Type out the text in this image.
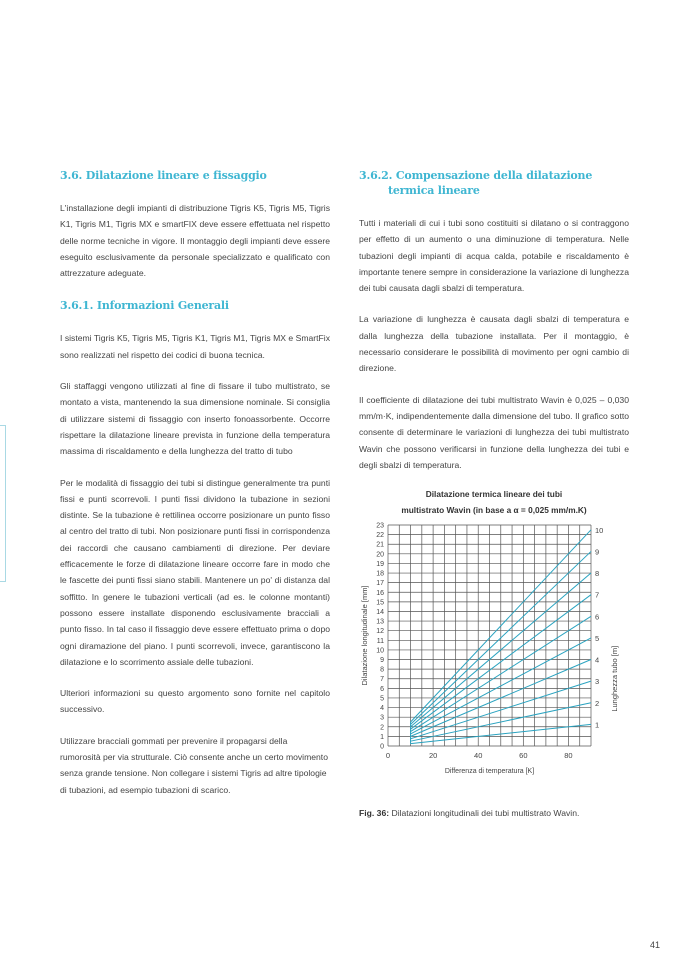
3.6. Dilatazione lineare e fissaggio

L'installazione degli impianti di distribuzione Tigris K5, Tigris M5, Tigris K1, Tigris M1, Tigris MX e smartFIX deve essere effettuata nel rispetto delle norme tecniche in vigore. Il montaggio degli impianti deve essere eseguito esclusivamente da personale specializzato e qualificato con attrezzature adeguate.

3.6.1. Informazioni Generali

I sistemi Tigris K5, Tigris M5, Tigris K1, Tigris M1, Tigris MX e SmartFix sono realizzati nel rispetto dei codici di buona tecnica.

Gli staffaggi vengono utilizzati al fine di fissare il tubo multistrato, se montato a vista, mantenendo la sua dimensione nominale. Si consiglia di utilizzare sistemi di fissaggio con inserto fonoassorbente. Occorre rispettare la dilatazione lineare prevista in funzione della temperatura massima di riscaldamento e della lunghezza del tratto di tubo

Per le modalità di fissaggio dei tubi si distingue generalmente tra punti fissi e punti scorrevoli. I punti fissi dividono la tubazione in sezioni distinte. Se la tubazione è rettilinea occorre posizionare un punto fisso al centro del tratto di tubi. Non posizionare punti fissi in corrispondenza dei raccordi che causano cambiamenti di direzione. Per deviare efficacemente le forze di dilatazione lineare occorre fare in modo che le fascette dei punti fissi siano stabili. Mantenere un po' di distanza dal soffitto. In genere le tubazioni verticali (ad es. le colonne montanti) possono essere installate disponendo esclusivamente bracciali a punto fisso. In tal caso il fissaggio deve essere effettuato prima o dopo ogni diramazione del piano. I punti scorrevoli, invece, garantiscono la dilatazione e lo scorrimento assiale delle tubazioni.

Ulteriori informazioni su questo argomento sono fornite nel capitolo successivo.

Utilizzare bracciali gommati per prevenire il propagarsi della rumorosità per via strutturale. Ciò consente anche un certo movimento senza grande tensione. Non collegare i sistemi Tigris ad altre tipologie di tubazioni, ad esempio tubazioni di scarico.

3.6.2. Compensazione della dilatazione termica lineare

Tutti i materiali di cui i tubi sono costituiti si dilatano o si contraggono per effetto di un aumento o una diminuzione di temperatura. Nelle tubazioni degli impianti di acqua calda, potabile e riscaldamento è importante tenere sempre in considerazione la variazione di lunghezza dei tubi causata dagli sbalzi di temperatura.

La variazione di lunghezza è causata dagli sbalzi di temperatura e dalla lunghezza della tubazione installata. Per il montaggio, è necessario considerare le possibilità di movimento per ogni cambio di direzione.

Il coefficiente di dilatazione dei tubi multistrato Wavin è 0,025 – 0,030 mm/m·K, indipendentemente dalla dimensione del tubo. Il grafico sotto consente di determinare le variazioni di lunghezza dei tubi multistrato Wavin che possono verificarsi in funzione della lunghezza dei tubi e degli sbalzi di temperatura.

Dilatazione termica lineare dei tubi
multistrato Wavin (in base a α = 0,025 mm/m.K)
0
1
2
3
4
5
6
7
8
9
10
11
12
13
14
15
16
17
18
19
20
21
22
23
0	20	40	60	80
1
2
3
4
5
6
7
8
9
10
Differenza di temperatura [K]
Dilatazione longitudinale [mm]	Lunghezza tubo [m]
Fig. 36: Dilatazioni longitudinali dei tubi multistrato Wavin.
41
